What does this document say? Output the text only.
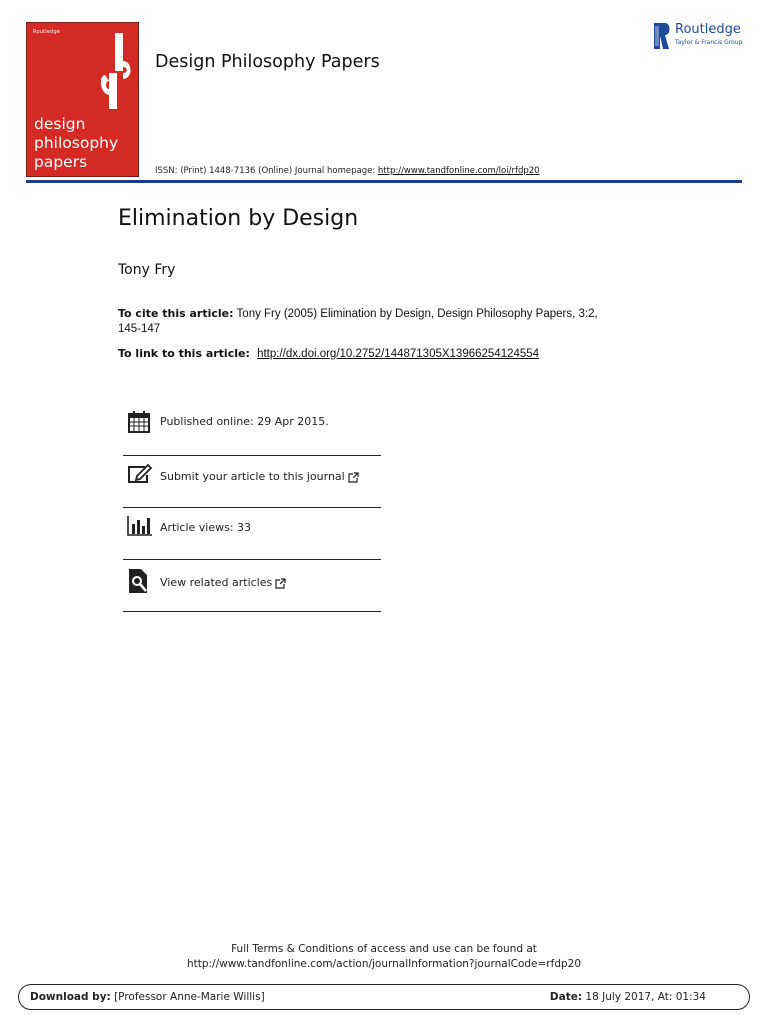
Routledge
design
philosophy
papers
Design Philosophy Papers
ISSN: (Print) 1448-7136 (Online) Journal homepage: http://www.tandfonline.com/loi/rfdp20
Routledge
Taylor & Francis Group
Elimination by Design
Tony Fry
To cite this article: Tony Fry (2005) Elimination by Design, Design Philosophy Papers, 3:2, 145-147
To link to this article: http://dx.doi.org/10.2752/144871305X13966254124554
Published online: 29 Apr 2015.
Submit your article to this journal
Article views: 33
View related articles
Full Terms & Conditions of access and use can be found at
http://www.tandfonline.com/action/journalInformation?journalCode=rfdp20
Download by: [Professor Anne-Marie Willis]	Date: 18 July 2017, At: 01:34
